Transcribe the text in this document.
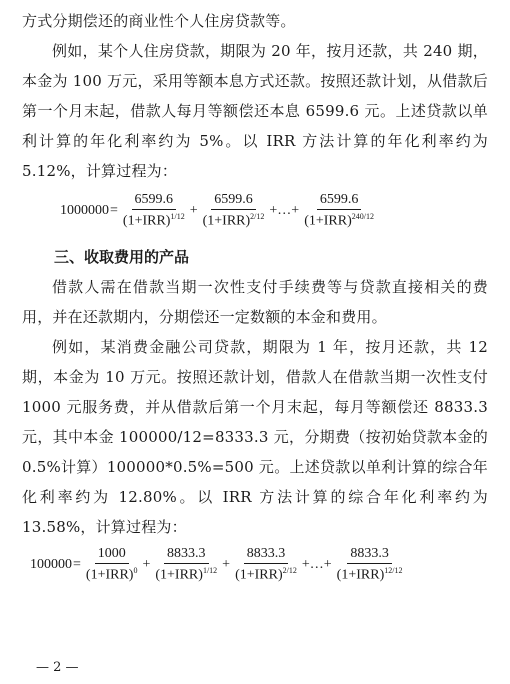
方式分期偿还的商业性个人住房贷款等。

例如，某个人住房贷款，期限为 20 年，按月还款，共 240 期，本金为 100 万元，采用等额本息方式还款。按照还款计划，从借款后第一个月末起，借款人每月等额偿还本息 6599.6 元。上述贷款以单利计算的年化利率约为 5%。以 IRR 方法计算的年化利率约为 5.12%，计算过程为：

$1000000 = \frac{6599.6}{(1+IRR)^{1/12}} + \frac{6599.6}{(1+IRR)^{2/12}}$ +…+ $\frac{6599.6}{(1+IRR)^{240/12}}$

三、收取费用的产品

借款人需在借款当期一次性支付手续费等与贷款直接相关的费用，并在还款期内，分期偿还一定数额的本金和费用。

例如，某消费金融公司贷款，期限为 1 年，按月还款，共 12 期，本金为 10 万元。按照还款计划，借款人在借款当期一次性支付 1000 元服务费，并从借款后第一个月末起，每月等额偿还 8833.3 元，其中本金 100000/12=8333.3 元，分期费（按初始贷款本金的 0.5%计算）100000*0.5%=500 元。上述贷款以单利计算的综合年化利率约为 12.80%。以 IRR 方法计算的综合年化利率约为 13.58%，计算过程为：

$100000 = \frac{1000}{(1+IRR)^0} + \frac{8833.3}{(1+IRR)^{1/12}} + \frac{8833.3}{(1+IRR)^{2/12}}$ +…+ $\frac{8833.3}{(1+IRR)^{12/12}}$
— 2 —
